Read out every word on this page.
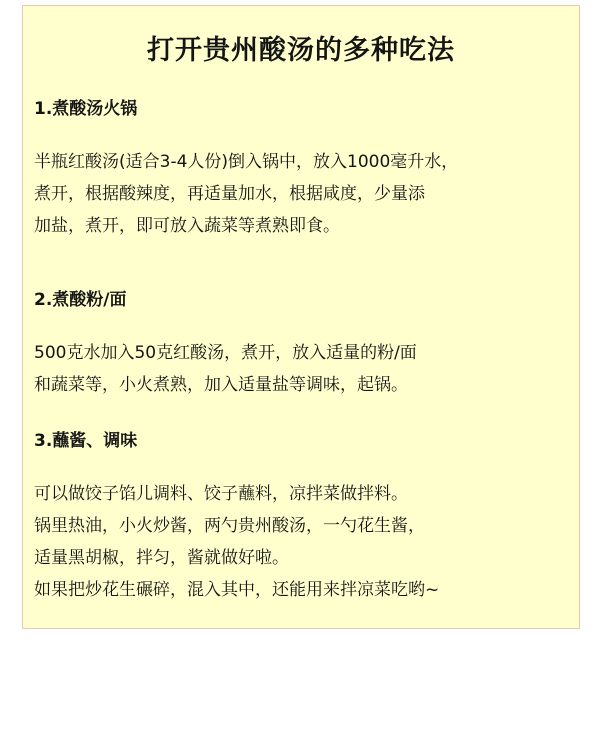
打开贵州酸汤的多种吃法
1.煮酸汤火锅
半瓶红酸汤(适合3-4人份)倒入锅中，放入1000毫升水，
煮开，根据酸辣度，再适量加水，根据咸度，少量添
加盐，煮开，即可放入蔬菜等煮熟即食。
2.煮酸粉/面
500克水加入50克红酸汤，煮开，放入适量的粉/面
和蔬菜等，小火煮熟，加入适量盐等调味，起锅。
3.蘸酱、调味
可以做饺子馅儿调料、饺子蘸料，凉拌菜做拌料。
锅里热油，小火炒酱，两勺贵州酸汤，一勺花生酱，
适量黑胡椒，拌匀，酱就做好啦。
如果把炒花生碾碎，混入其中，还能用来拌凉菜吃哟~
